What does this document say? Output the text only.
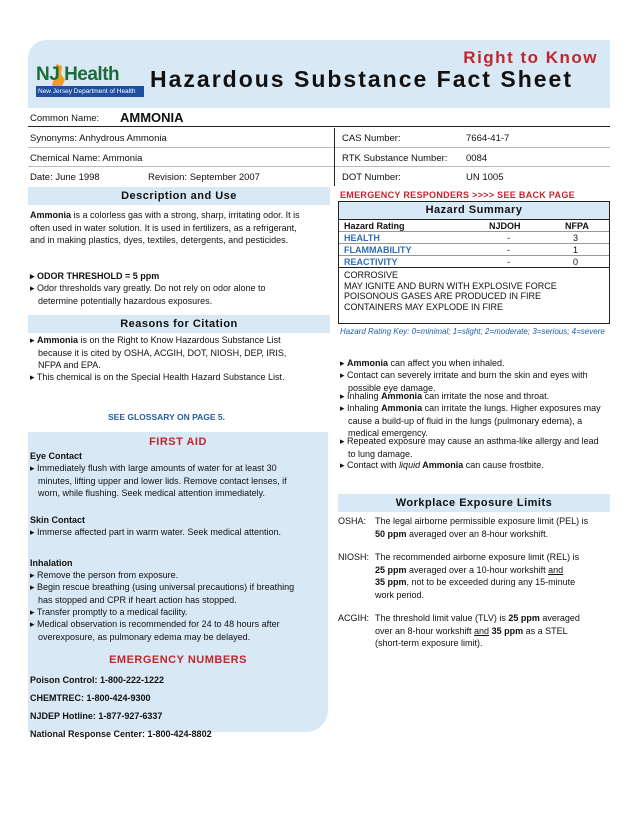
NJ Health
New Jersey Department of Health
Right to Know
Hazardous Substance Fact Sheet
Common Name: AMMONIA
Synonyms: Anhydrous Ammonia
Chemical Name: Ammonia
Date: June 1998	Revision: September 2007
CAS Number:	7664-41-7
RTK Substance Number: 0084
DOT Number:	UN 1005
Description and Use
Ammonia is a colorless gas with a strong, sharp, irritating odor. It is often used in water solution. It is used in fertilizers, as a refrigerant, and in making plastics, dyes, textiles, detergents, and pesticides.
▸ ODOR THRESHOLD = 5 ppm
▸ Odor thresholds vary greatly. Do not rely on odor alone to determine potentially hazardous exposures.
Reasons for Citation
▸ Ammonia is on the Right to Know Hazardous Substance List because it is cited by OSHA, ACGIH, DOT, NIOSH, DEP, IRIS, NFPA and EPA.
▸ This chemical is on the Special Health Hazard Substance List.
SEE GLOSSARY ON PAGE 5.
FIRST AID
Eye Contact
▸ Immediately flush with large amounts of water for at least 30 minutes, lifting upper and lower lids. Remove contact lenses, if worn, while flushing. Seek medical attention immediately.
Skin Contact
▸ Immerse affected part in warm water. Seek medical attention.
Inhalation
▸ Remove the person from exposure.
▸ Begin rescue breathing (using universal precautions) if breathing has stopped and CPR if heart action has stopped.
▸ Transfer promptly to a medical facility.
▸ Medical observation is recommended for 24 to 48 hours after overexposure, as pulmonary edema may be delayed.
EMERGENCY NUMBERS
Poison Control: 1-800-222-1222
CHEMTREC: 1-800-424-9300
NJDEP Hotline: 1-877-927-6337
National Response Center: 1-800-424-8802
EMERGENCY RESPONDERS >>>> SEE BACK PAGE
Hazard Summary
Hazard Rating	NJDOH	NFPA
HEALTH	-	3
FLAMMABILITY	-	1
REACTIVITY	-	0
CORROSIVE
MAY IGNITE AND BURN WITH EXPLOSIVE FORCE
POISONOUS GASES ARE PRODUCED IN FIRE
CONTAINERS MAY EXPLODE IN FIRE
Hazard Rating Key: 0=minimal; 1=slight; 2=moderate; 3=serious; 4=severe
▸ Ammonia can affect you when inhaled.
▸ Contact can severely irritate and burn the skin and eyes with possible eye damage.
▸ Inhaling Ammonia can irritate the nose and throat.
▸ Inhaling Ammonia can irritate the lungs. Higher exposures may cause a build-up of fluid in the lungs (pulmonary edema), a medical emergency.
▸ Repeated exposure may cause an asthma-like allergy and lead to lung damage.
▸ Contact with liquid Ammonia can cause frostbite.
Workplace Exposure Limits
OSHA: The legal airborne permissible exposure limit (PEL) is
50 ppm averaged over an 8-hour workshift.
NIOSH: The recommended airborne exposure limit (REL) is
25 ppm averaged over a 10-hour workshift and
35 ppm, not to be exceeded during any 15-minute
work period.
ACGIH: The threshold limit value (TLV) is 25 ppm averaged
over an 8-hour workshift and 35 ppm as a STEL
(short-term exposure limit).
